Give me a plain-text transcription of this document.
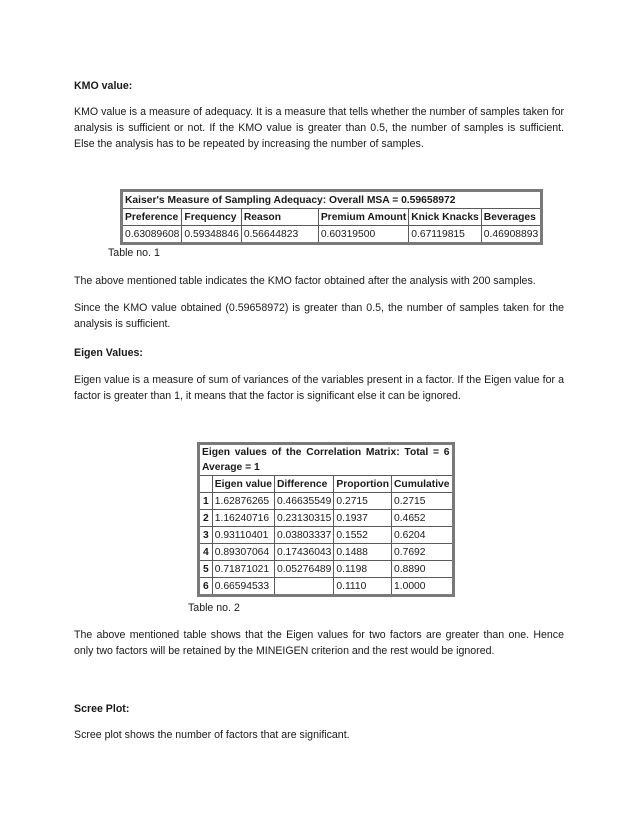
KMO value:
KMO value is a measure of adequacy. It is a measure that tells whether the number of samples taken for analysis is sufficient or not. If the KMO value is greater than 0.5, the number of samples is sufficient. Else the analysis has to be repeated by increasing the number of samples.
Kaiser's Measure of Sampling Adequacy: Overall MSA = 0.59658972					
Preference	Frequency	Reason	Premium Amount	Knick Knacks	Beverages
0.63089608	0.59348846	0.56644823	0.60319500	0.67119815	0.46908893
Table no. 1
The above mentioned table indicates the KMO factor obtained after the analysis with 200 samples.
Since the KMO value obtained (0.59658972) is greater than 0.5, the number of samples taken for the analysis is sufficient.
Eigen Values:
Eigen value is a measure of sum of variances of the variables present in a factor. If the Eigen value for a factor is greater than 1, it means that the factor is significant else it can be ignored.
Eigen values of the Correlation Matrix: Total = 6 Average = 1				
	Eigen value	Difference	Proportion	Cumulative
1	1.62876265	0.46635549	0.2715	0.2715
2	1.16240716	0.23130315	0.1937	0.4652
3	0.93110401	0.03803337	0.1552	0.6204
4	0.89307064	0.17436043	0.1488	0.7692
5	0.71871021	0.05276489	0.1198	0.8890
6	0.66594533		0.1110	1.0000
Table no. 2
The above mentioned table shows that the Eigen values for two factors are greater than one. Hence only two factors will be retained by the MINEIGEN criterion and the rest would be ignored.
Scree Plot:
Scree plot shows the number of factors that are significant.
